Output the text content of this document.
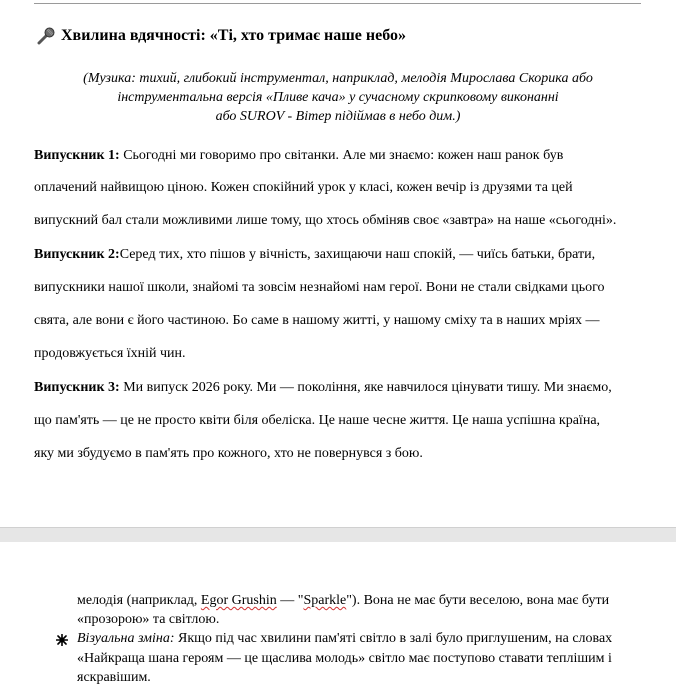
Хвилина вдячності: «Ті, хто тримає наше небо»
(Музика: тихий, глибокий інструментал, наприклад, мелодія Мирослава Скорика або
інструментальна версія «Пливе кача» у сучасному скрипковому виконанні
або SUROV - Вітер підіймав в небо дим.)
Випускник 1: Сьогодні ми говоримо про світанки. Але ми знаємо: кожен наш ранок був
оплачений найвищою ціною. Кожен спокійний урок у класі, кожен вечір із друзями та цей
випускний бал стали можливими лише тому, що хтось обміняв своє «завтра» на наше «сьогодні».
Випускник 2:Серед тих, хто пішов у вічність, захищаючи наш спокій, — чиїсь батьки, брати,
випускники нашої школи, знайомі та зовсім незнайомі нам герої. Вони не стали свідками цього
свята, але вони є його частиною. Бо саме в нашому житті, у нашому сміху та в наших мріях —
продовжується їхній чин.
Випускник 3: Ми випуск 2026 року. Ми — покоління, яке навчилося цінувати тишу. Ми знаємо,
що пам'ять — це не просто квіти біля обеліска. Це наше чесне життя. Це наша успішна країна,
яку ми збудуємо в пам'ять про кожного, хто не повернувся з бою.
мелодія (наприклад, Egor Grushin — "Sparkle"). Вона не має бути веселою, вона має бути
«прозорою» та світлою.
Візуальна зміна: Якщо під час хвилини пам'яті світло в залі було приглушеним, на словах
«Найкраща шана героям — це щаслива молодь» світло має поступово ставати теплішим і
яскравішим.
